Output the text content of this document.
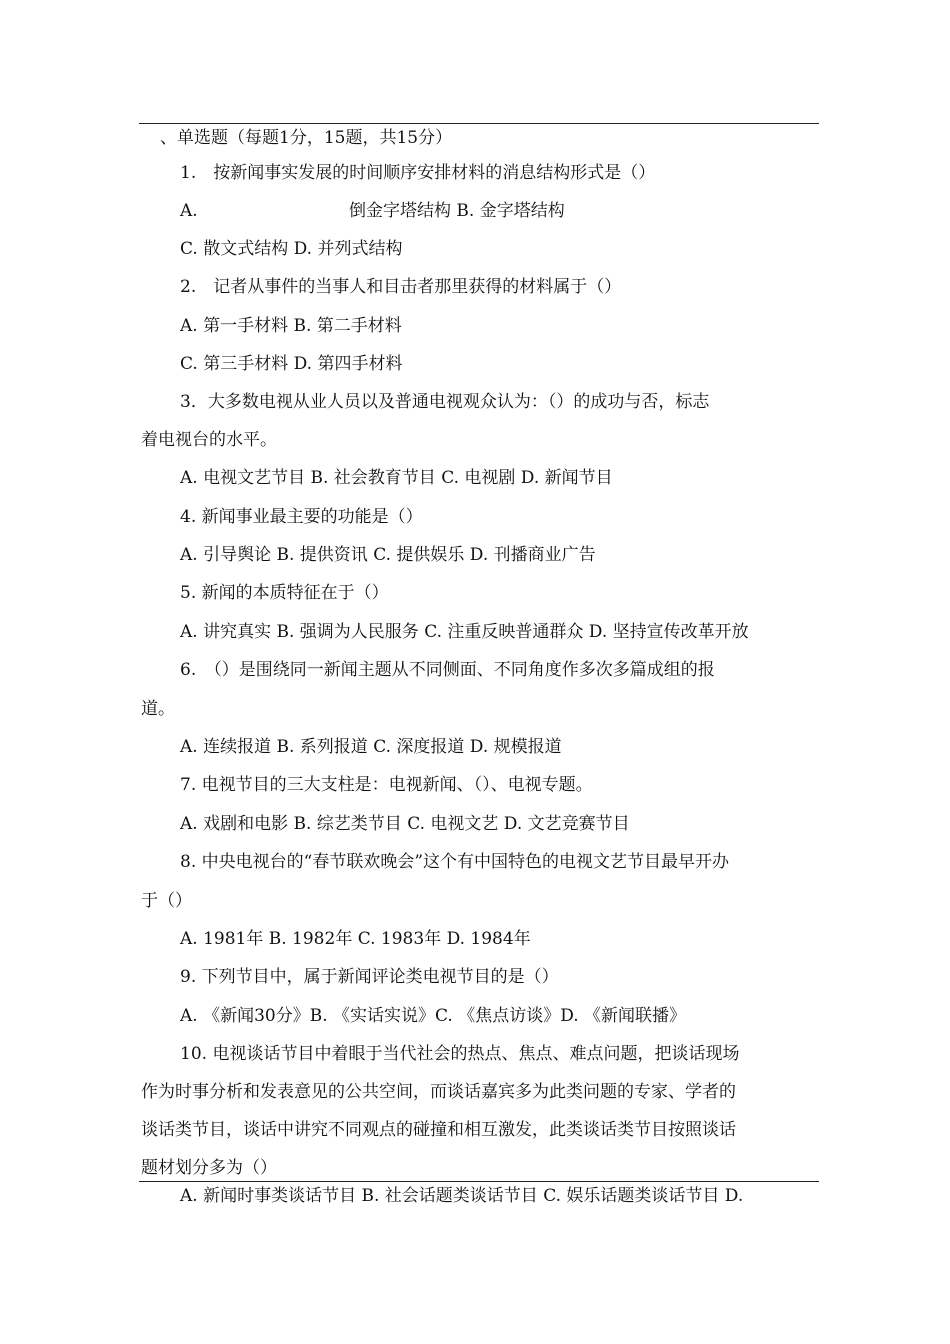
、单选题（每题1分，15题，共15分）
1.　按新闻事实发展的时间顺序安排材料的消息结构形式是（）
A.	倒金字塔结构 B. 金字塔结构
C. 散文式结构 D. 并列式结构
2.　记者从事件的当事人和目击者那里获得的材料属于（）
A. 第一手材料 B. 第二手材料
C. 第三手材料 D. 第四手材料
3．大多数电视从业人员以及普通电视观众认为：（）的成功与否，标志
着电视台的水平。
A. 电视文艺节目 B. 社会教育节目 C. 电视剧 D. 新闻节目
4. 新闻事业最主要的功能是（）
A. 引导舆论 B. 提供资讯 C. 提供娱乐 D. 刊播商业广告
5. 新闻的本质特征在于（）
A. 讲究真实 B. 强调为人民服务 C. 注重反映普通群众 D. 坚持宣传改革开放
6.　（）是围绕同一新闻主题从不同侧面、不同角度作多次多篇成组的报
道。
A. 连续报道 B. 系列报道 C. 深度报道 D. 规模报道
7. 电视节目的三大支柱是：电视新闻、（）、电视专题。
A. 戏剧和电影 B. 综艺类节目 C. 电视文艺 D. 文艺竞赛节目
8. 中央电视台的“春节联欢晚会”这个有中国特色的电视文艺节目最早开办
于（）
A. 1981年 B. 1982年 C. 1983年 D. 1984年
9. 下列节目中，属于新闻评论类电视节目的是（）
A. 《新闻30分》B. 《实话实说》C. 《焦点访谈》D. 《新闻联播》
10. 电视谈话节目中着眼于当代社会的热点、焦点、难点问题，把谈话现场
作为时事分析和发表意见的公共空间，而谈话嘉宾多为此类问题的专家、学者的
谈话类节目，谈话中讲究不同观点的碰撞和相互激发，此类谈话类节目按照谈话
题材划分多为（）
A. 新闻时事类谈话节目 B. 社会话题类谈话节目 C. 娱乐话题类谈话节目 D.
